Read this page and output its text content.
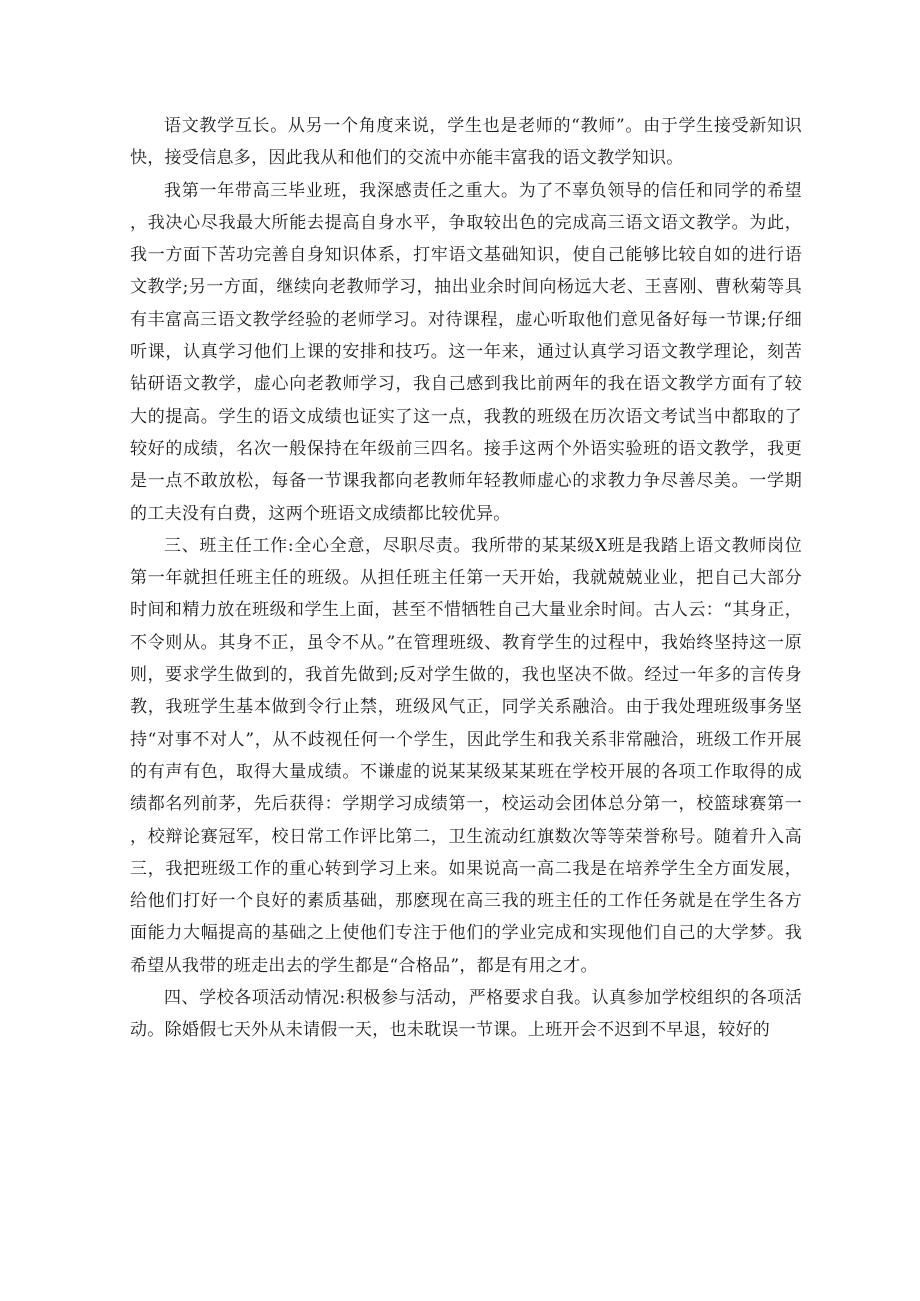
语文教学互长。从另一个角度来说，学生也是老师的“教师”。由于学生接受新知识快，接受信息多，因此我从和他们的交流中亦能丰富我的语文教学知识。

我第一年带高三毕业班，我深感责任之重大。为了不辜负领导的信任和同学的希望，我决心尽我最大所能去提高自身水平，争取较出色的完成高三语文语文教学。为此，我一方面下苦功完善自身知识体系，打牢语文基础知识，使自己能够比较自如的进行语文教学;另一方面，继续向老教师学习，抽出业余时间向杨远大老、王喜刚、曹秋菊等具有丰富高三语文教学经验的老师学习。对待课程，虚心听取他们意见备好每一节课;仔细听课，认真学习他们上课的安排和技巧。这一年来，通过认真学习语文教学理论，刻苦钻研语文教学，虚心向老教师学习，我自己感到我比前两年的我在语文教学方面有了较大的提高。学生的语文成绩也证实了这一点，我教的班级在历次语文考试当中都取的了较好的成绩，名次一般保持在年级前三四名。接手这两个外语实验班的语文教学，我更是一点不敢放松，每备一节课我都向老教师年轻教师虚心的求教力争尽善尽美。一学期的工夫没有白费，这两个班语文成绩都比较优异。

三、班主任工作:全心全意，尽职尽责。我所带的某某级X班是我踏上语文教师岗位第一年就担任班主任的班级。从担任班主任第一天开始，我就兢兢业业，把自己大部分时间和精力放在班级和学生上面，甚至不惜牺牲自己大量业余时间。古人云：“其身正，不令则从。其身不正，虽令不从。”在管理班级、教育学生的过程中，我始终坚持这一原则，要求学生做到的，我首先做到;反对学生做的，我也坚决不做。经过一年多的言传身教，我班学生基本做到令行止禁，班级风气正，同学关系融洽。由于我处理班级事务坚持“对事不对人”，从不歧视任何一个学生，因此学生和我关系非常融洽，班级工作开展的有声有色，取得大量成绩。不谦虚的说某某级某某班在学校开展的各项工作取得的成绩都名列前茅，先后获得：学期学习成绩第一，校运动会团体总分第一，校篮球赛第一，校辩论赛冠军，校日常工作评比第二，卫生流动红旗数次等等荣誉称号。随着升入高三，我把班级工作的重心转到学习上来。如果说高一高二我是在培养学生全方面发展，给他们打好一个良好的素质基础，那麽现在高三我的班主任的工作任务就是在学生各方面能力大幅提高的基础之上使他们专注于他们的学业完成和实现他们自己的大学梦。我希望从我带的班走出去的学生都是“合格品”，都是有用之才。

四、学校各项活动情况:积极参与活动，严格要求自我。认真参加学校组织的各项活动。除婚假七天外从未请假一天，也未耽误一节课。上班开会不迟到不早退，较好的
